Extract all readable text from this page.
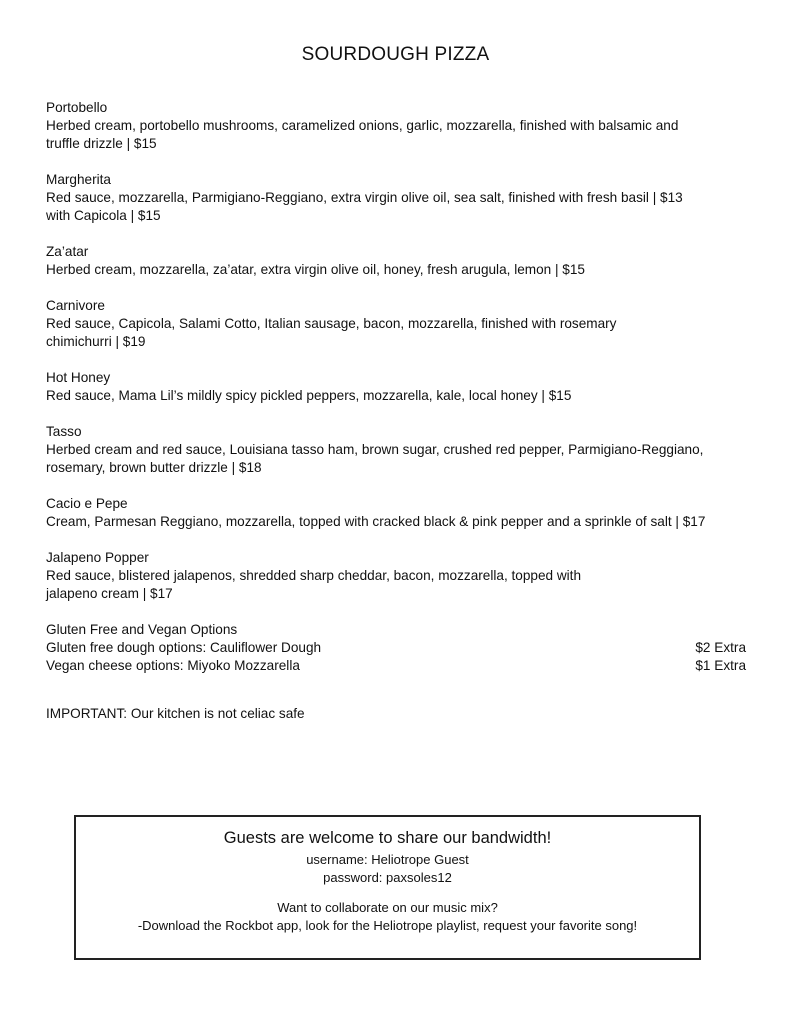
SOURDOUGH PIZZA
Portobello
Herbed cream, portobello mushrooms, caramelized onions, garlic, mozzarella, finished with balsamic and
truffle drizzle | $15
Margherita
Red sauce, mozzarella, Parmigiano-Reggiano, extra virgin olive oil, sea salt, finished with fresh basil | $13
with Capicola | $15
Za’atar
Herbed cream, mozzarella, za’atar, extra virgin olive oil, honey, fresh arugula, lemon | $15
Carnivore
Red sauce, Capicola, Salami Cotto, Italian sausage, bacon, mozzarella, finished with rosemary
chimichurri | $19
Hot Honey
Red sauce, Mama Lil’s mildly spicy pickled peppers, mozzarella, kale, local honey | $15
Tasso
Herbed cream and red sauce, Louisiana tasso ham, brown sugar, crushed red pepper, Parmigiano-Reggiano,
rosemary, brown butter drizzle | $18
Cacio e Pepe
Cream, Parmesan Reggiano, mozzarella, topped with cracked black & pink pepper and a sprinkle of salt | $17
Jalapeno Popper
Red sauce, blistered jalapenos, shredded sharp cheddar, bacon, mozzarella, topped with
jalapeno cream | $17
Gluten Free and Vegan Options
Gluten free dough options: Cauliflower Dough	$2 Extra
Vegan cheese options: Miyoko Mozzarella	$1 Extra
IMPORTANT: Our kitchen is not celiac safe
Guests are welcome to share our bandwidth!
username: Heliotrope Guest
password: paxsoles12
Want to collaborate on our music mix?
-Download the Rockbot app, look for the Heliotrope playlist, request your favorite song!
